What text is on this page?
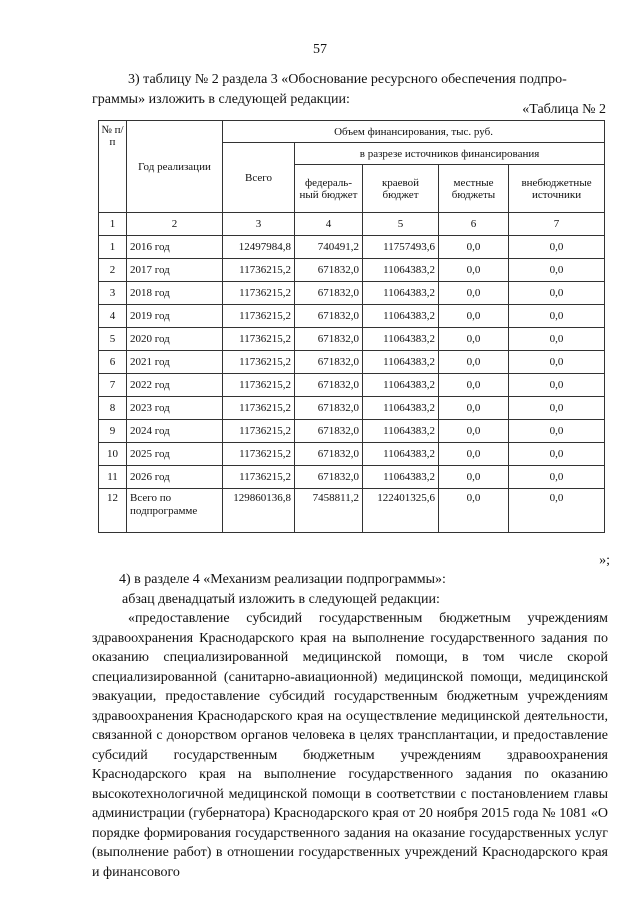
57

3) таблицу № 2 раздела 3 «Обоснование ресурсного обеспечения подпро-

граммы» изложить в следующей редакции:

«Таблица № 2
№ п/п	Год реализации	Объем финансирования, тыс. руб.				
		Всего	в разрезе источников финансирования			
			федераль-ный бюджет	краевой бюджет	местные бюджеты	внебюджетные источники
1	2	3	4	5	6	7
1	2016 год	12497984,8	740491,2	11757493,6	0,0	0,0
2	2017 год	11736215,2	671832,0	11064383,2	0,0	0,0
3	2018 год	11736215,2	671832,0	11064383,2	0,0	0,0
4	2019 год	11736215,2	671832,0	11064383,2	0,0	0,0
5	2020 год	11736215,2	671832,0	11064383,2	0,0	0,0
6	2021 год	11736215,2	671832,0	11064383,2	0,0	0,0
7	2022 год	11736215,2	671832,0	11064383,2	0,0	0,0
8	2023 год	11736215,2	671832,0	11064383,2	0,0	0,0
9	2024 год	11736215,2	671832,0	11064383,2	0,0	0,0
10	2025 год	11736215,2	671832,0	11064383,2	0,0	0,0
11	2026 год	11736215,2	671832,0	11064383,2	0,0	0,0
12	Всего по подпрограмме	129860136,8	7458811,2	122401325,6	0,0	0,0
»;

4) в разделе 4 «Механизм реализации подпрограммы»:

абзац двенадцатый изложить в следующей редакции:

«предоставление субсидий государственным бюджетным учреждениям здравоохранения Краснодарского края на выполнение государственного задания по оказанию специализированной медицинской помощи, в том числе скорой специализированной (санитарно-авиационной) медицинской помощи, медицинской эвакуации, предоставление субсидий государственным бюджетным учреждениям здравоохранения Краснодарского края на осуществление медицинской деятельности, связанной с донорством органов человека в целях трансплантации, и предоставление субсидий государственным бюджетным учреждениям здравоохранения Краснодарского края на выполнение государственного задания по оказанию высокотехнологичной медицинской помощи в соответствии с постановлением главы администрации (губернатора) Краснодарского края от 20 ноября 2015 года № 1081 «О порядке формирования государственного задания на оказание государственных услуг (выполнение работ) в отношении государственных учреждений Краснодарского края и финансового
